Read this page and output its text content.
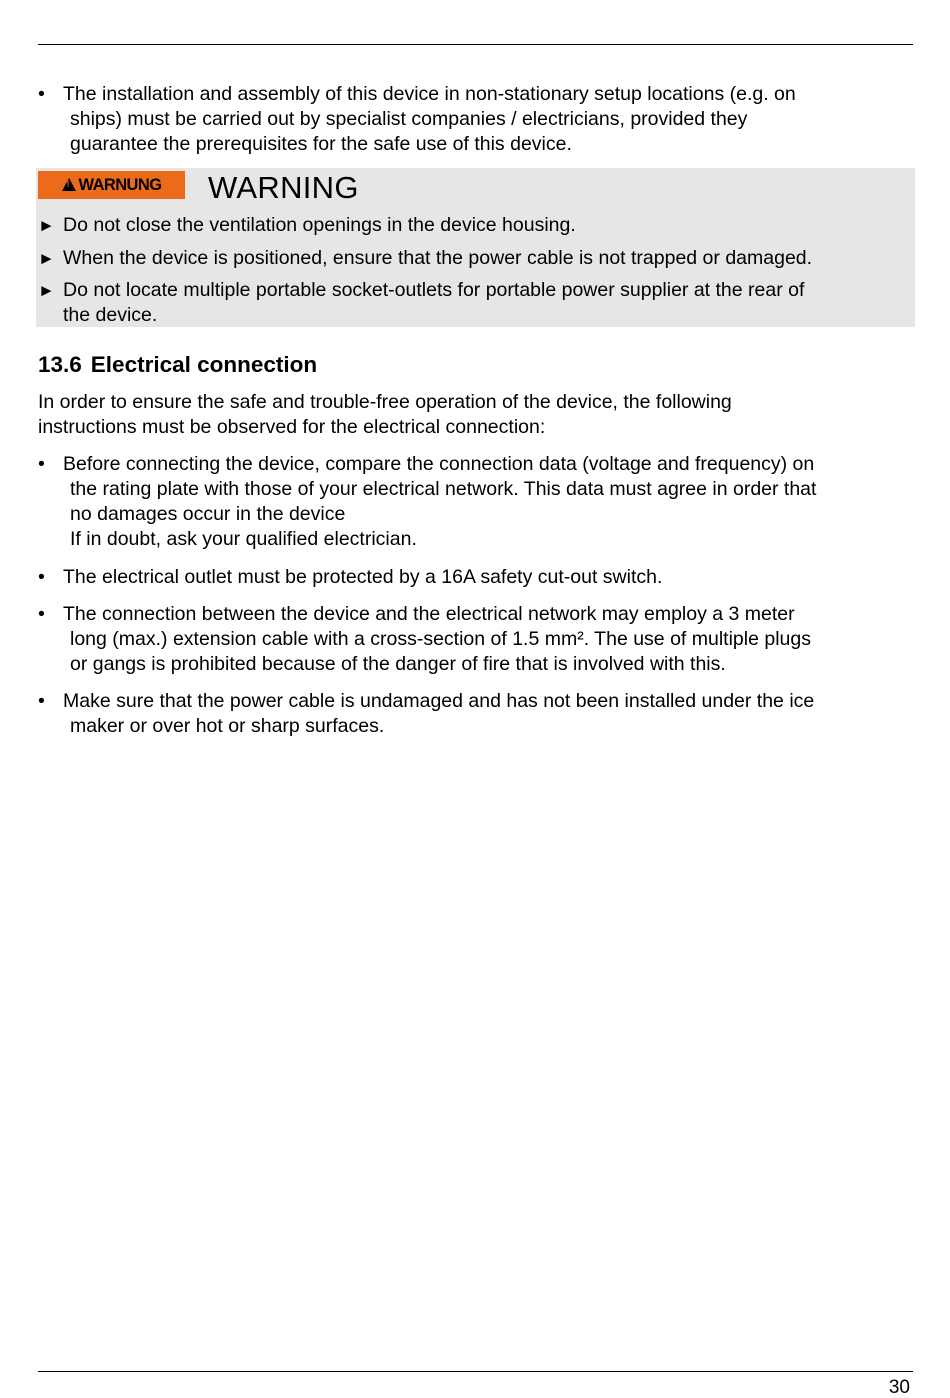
• The installation and assembly of this device in non-stationary setup locations (e.g. on
ships) must be carried out by specialist companies / electricians, provided they
guarantee the prerequisites for the safe use of this device.
!
WARNUNG WARNING
► Do not close the ventilation openings in the device housing.
► When the device is positioned, ensure that the power cable is not trapped or damaged.
► Do not locate multiple portable socket-outlets for portable power supplier at the rear of
the device.
13.6 Electrical connection
In order to ensure the safe and trouble-free operation of the device, the following
instructions must be observed for the electrical connection:
• Before connecting the device, compare the connection data (voltage and frequency) on
the rating plate with those of your electrical network. This data must agree in order that
no damages occur in the device
If in doubt, ask your qualified electrician.
• The electrical outlet must be protected by a 16A safety cut-out switch.
• The connection between the device and the electrical network may employ a 3 meter
long (max.) extension cable with a cross-section of 1.5 mm². The use of multiple plugs
or gangs is prohibited because of the danger of fire that is involved with this.
• Make sure that the power cable is undamaged and has not been installed under the ice
maker or over hot or sharp surfaces.
30
